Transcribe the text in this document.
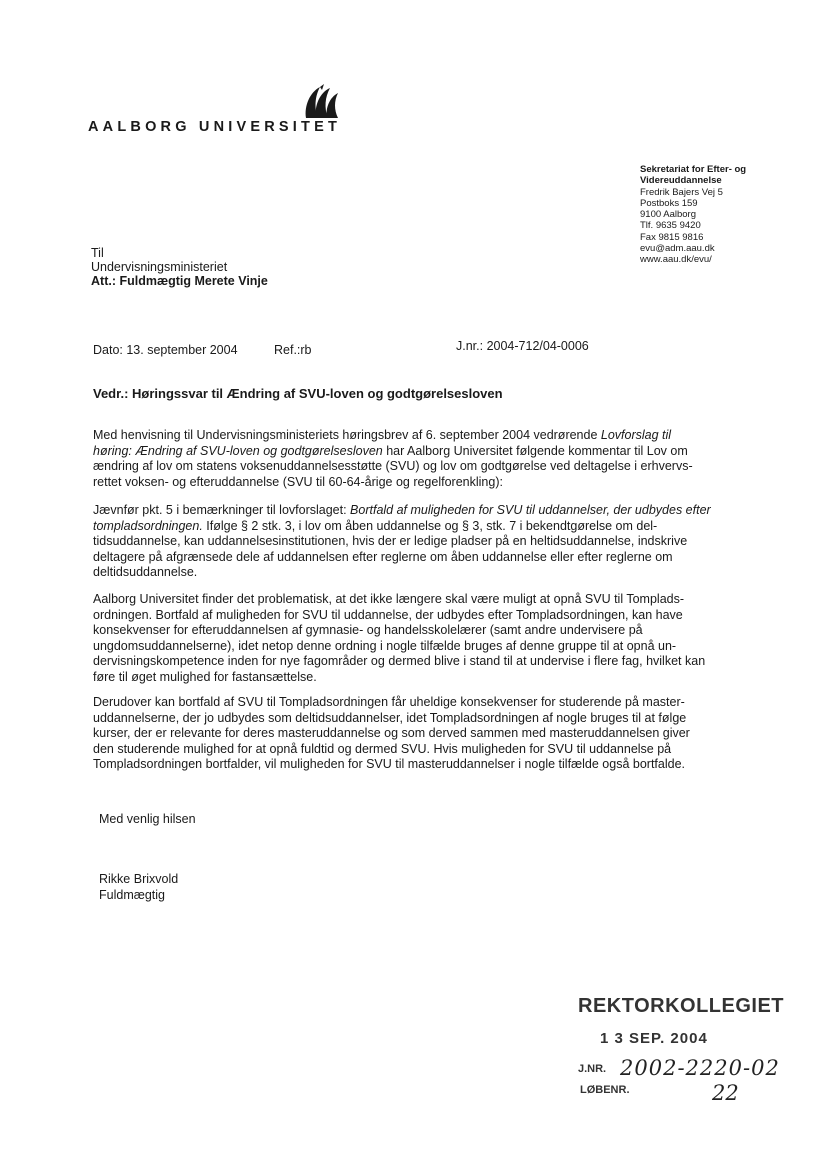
AALBORG UNIVERSITET
Sekretariat for Efter- og
Videreuddannelse
Fredrik Bajers Vej 5
Postboks 159
9100 Aalborg
Tlf. 9635 9420
Fax 9815 9816
evu@adm.aau.dk
www.aau.dk/evu/
Til
Undervisningsministeriet
Att.: Fuldmægtig Merete Vinje
Dato: 13. september 2004	Ref.:rb	J.nr.: 2004-712/04-0006
Vedr.: Høringssvar til Ændring af SVU-loven og godtgørelsesloven

Med henvisning til Undervisningsministeriets høringsbrev af 6. september 2004 vedrørende Lovforslag til høring: Ændring af SVU-loven og godtgørelsesloven har Aalborg Universitet følgende kommentar til Lov om ændring af lov om statens voksenuddannelsesstøtte (SVU) og lov om godtgørelse ved deltagelse i erhvervs-rettet voksen- og efteruddannelse (SVU til 60-64-årige og regelforenkling):

Jævnfør pkt. 5 i bemærkninger til lovforslaget: Bortfald af muligheden for SVU til uddannelser, der udbydes efter tompladsordningen. Ifølge § 2 stk. 3, i lov om åben uddannelse og § 3, stk. 7 i bekendtgørelse om del-tidsuddannelse, kan uddannelsesinstitutionen, hvis der er ledige pladser på en heltidsuddannelse, indskrive deltagere på afgrænsede dele af uddannelsen efter reglerne om åben uddannelse eller efter reglerne om deltidsuddannelse.

Aalborg Universitet finder det problematisk, at det ikke længere skal være muligt at opnå SVU til Tomplads-ordningen. Bortfald af muligheden for SVU til uddannelse, der udbydes efter Tompladsordningen, kan have konsekvenser for efteruddannelsen af gymnasie- og handelsskolelærer (samt andre undervisere på ungdomsuddannelserne), idet netop denne ordning i nogle tilfælde bruges af denne gruppe til at opnå un-dervisningskompetence inden for nye fagområder og dermed blive i stand til at undervise i flere fag, hvilket kan føre til øget mulighed for fastansættelse.

Derudover kan bortfald af SVU til Tompladsordningen får uheldige konsekvenser for studerende på master-uddannelserne, der jo udbydes som deltidsuddannelser, idet Tompladsordningen af nogle bruges til at følge kurser, der er relevante for deres masteruddannelse og som derved sammen med masteruddannelsen giver den studerende mulighed for at opnå fuldtid og dermed SVU. Hvis muligheden for SVU til uddannelse på Tompladsordningen bortfalder, vil muligheden for SVU til masteruddannelser i nogle tilfælde også bortfalde.

Med venlig hilsen
Rikke Brixvold
Fuldmægtig
REKTORKOLLEGIET
1 3 SEP. 2004
J.NR. 2002-2220-02
LØBENR.	22
